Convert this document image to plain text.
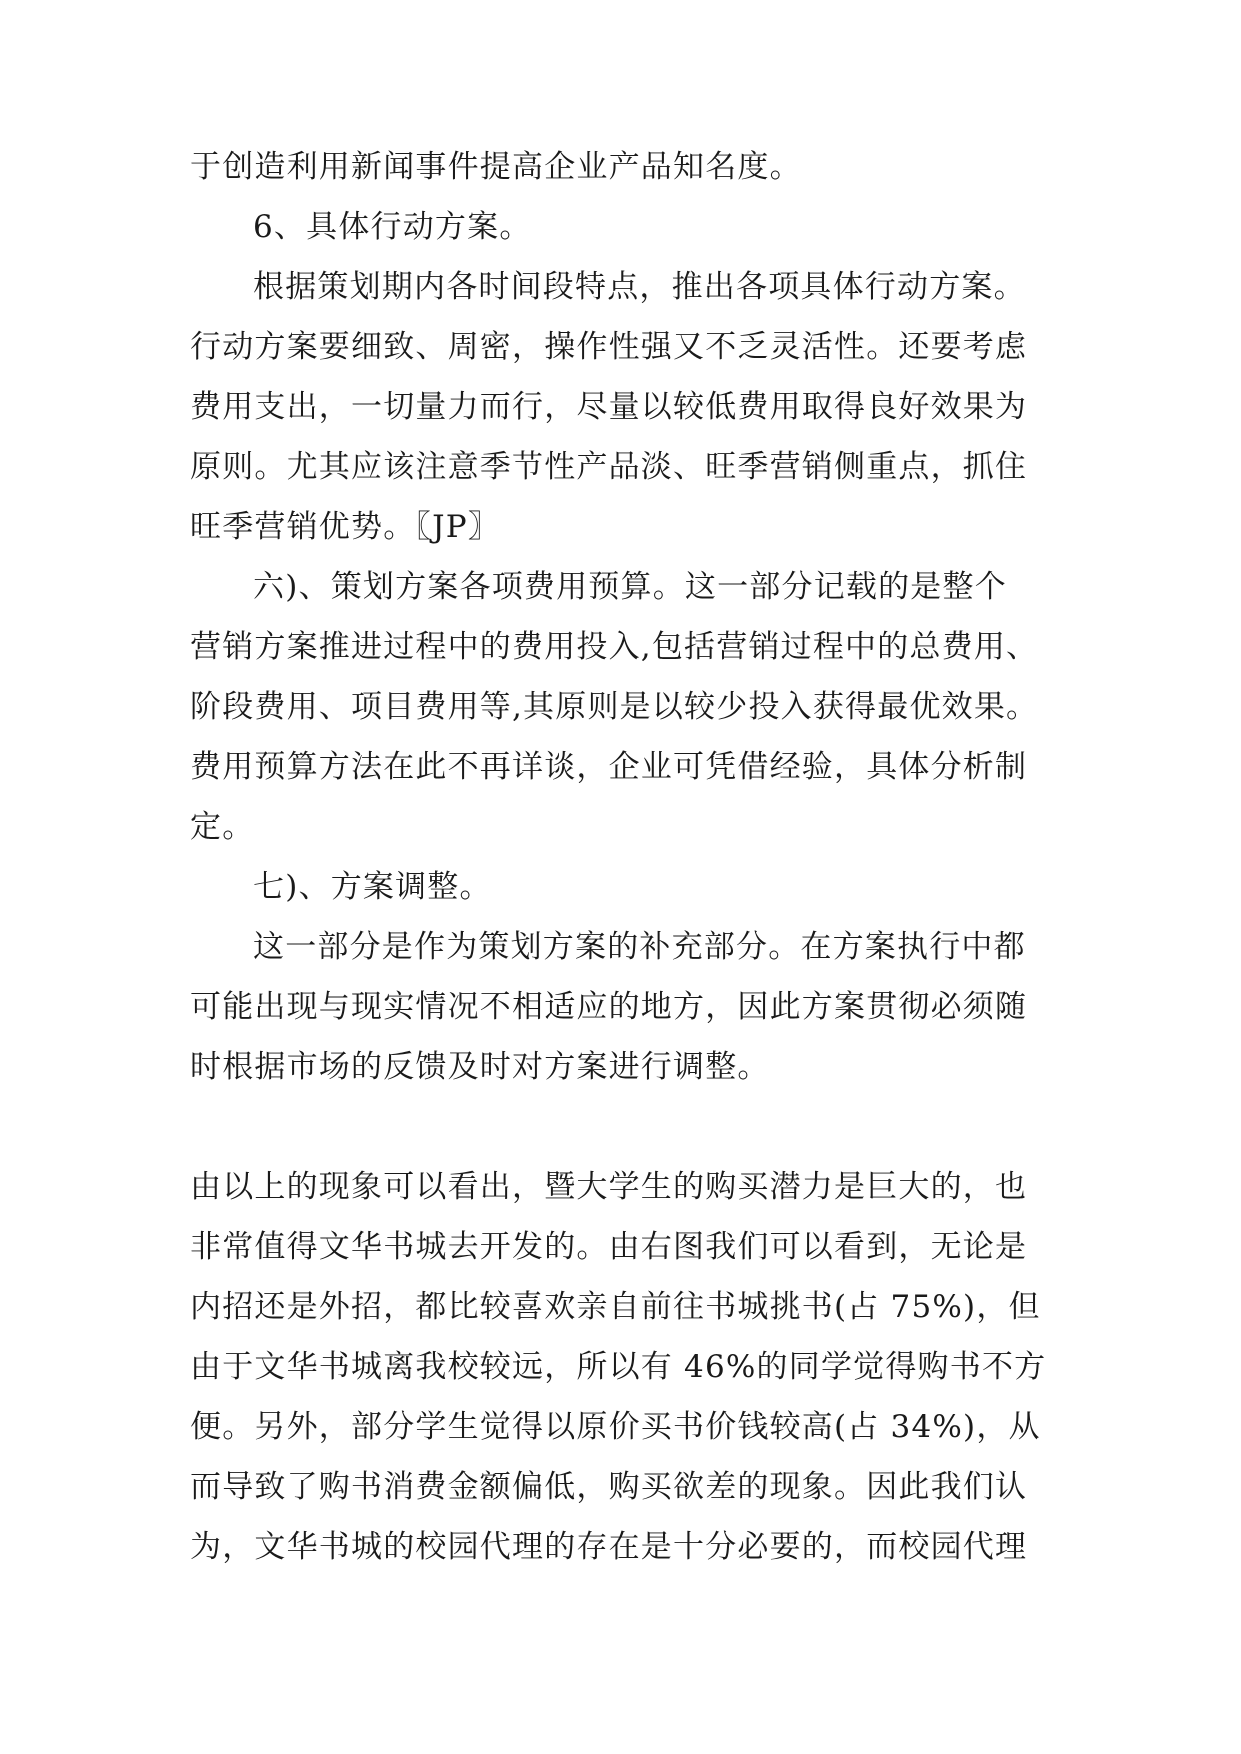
于创造利用新闻事件提高企业产品知名度。
6、具体行动方案。
根据策划期内各时间段特点，推出各项具体行动方案。
行动方案要细致、周密，操作性强又不乏灵活性。还要考虑
费用支出，一切量力而行，尽量以较低费用取得良好效果为
原则。尤其应该注意季节性产品淡、旺季营销侧重点，抓住
旺季营销优势。〖JP〗
六)、策划方案各项费用预算。这一部分记载的是整个
营销方案推进过程中的费用投入,包括营销过程中的总费用、
阶段费用、项目费用等,其原则是以较少投入获得最优效果。
费用预算方法在此不再详谈，企业可凭借经验，具体分析制
定。
七)、方案调整。
这一部分是作为策划方案的补充部分。在方案执行中都
可能出现与现实情况不相适应的地方，因此方案贯彻必须随
时根据市场的反馈及时对方案进行调整。
由以上的现象可以看出，暨大学生的购买潜力是巨大的，也
非常值得文华书城去开发的。由右图我们可以看到，无论是
内招还是外招，都比较喜欢亲自前往书城挑书(占 75%)，但
由于文华书城离我校较远，所以有 46%的同学觉得购书不方
便。另外，部分学生觉得以原价买书价钱较高(占 34%)，从
而导致了购书消费金额偏低，购买欲差的现象。因此我们认
为，文华书城的校园代理的存在是十分必要的，而校园代理
